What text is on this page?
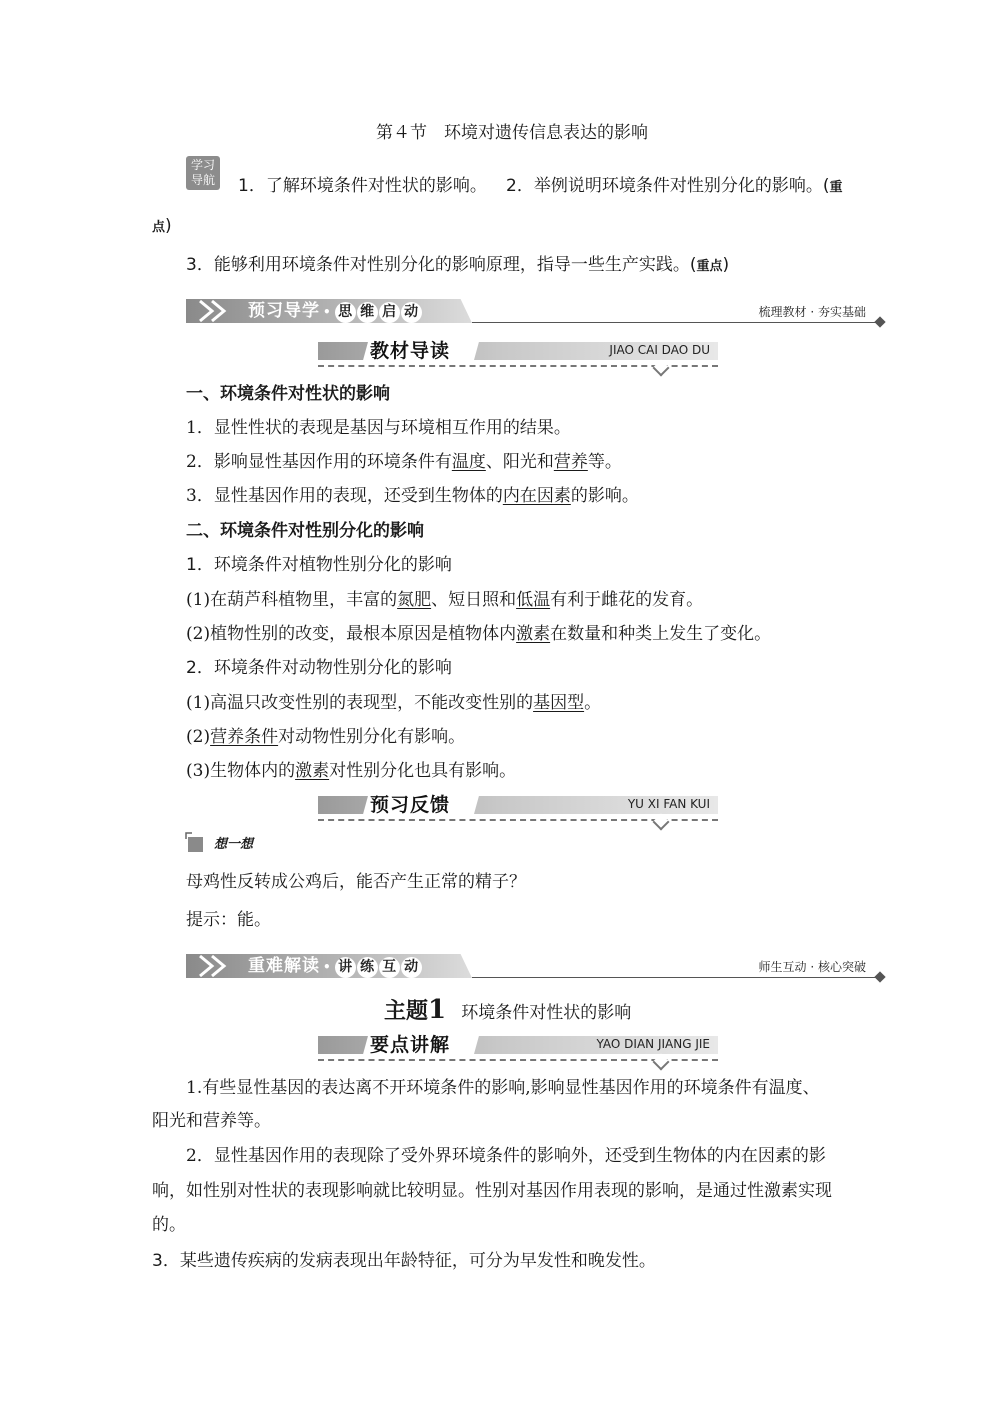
第４节　环境对遗传信息表达的影响
学习
导航 1．了解环境条件对性状的影响。 2．举例说明环境条件对性别分化的影响。(重
点)
3．能够利用环境条件对性别分化的影响原理，指导一些生产实践。(重点)
预习导学 • 思 维 启 动	梳理教材 · 夯实基础
教材导读	JIAO CAI DAO DU
一、环境条件对性状的影响
1．显性性状的表现是基因与环境相互作用的结果。
2．影响显性基因作用的环境条件有温度、阳光和营养等。
3．显性基因作用的表现，还受到生物体的内在因素的影响。
二、环境条件对性别分化的影响
1．环境条件对植物性别分化的影响
(1)在葫芦科植物里，丰富的氮肥、短日照和低温有利于雌花的发育。
(2)植物性别的改变，最根本原因是植物体内激素在数量和种类上发生了变化。
2．环境条件对动物性别分化的影响
(1)高温只改变性别的表现型，不能改变性别的基因型。
(2)营养条件对动物性别分化有影响。
(3)生物体内的激素对性别分化也具有影响。
预习反馈	YU XI FAN KUI
想一想
母鸡性反转成公鸡后，能否产生正常的精子？
提示：能。
重难解读 • 讲 练 互 动	师生互动 · 核心突破
主题1 环境条件对性状的影响
要点讲解	YAO DIAN JIANG JIE
1.有些显性基因的表达离不开环境条件的影响,影响显性基因作用的环境条件有温度、
阳光和营养等。
2．显性基因作用的表现除了受外界环境条件的影响外，还受到生物体的内在因素的影
响，如性别对性状的表现影响就比较明显。性别对基因作用表现的影响，是通过性激素实现
的。
3．某些遗传疾病的发病表现出年龄特征，可分为早发性和晚发性。
